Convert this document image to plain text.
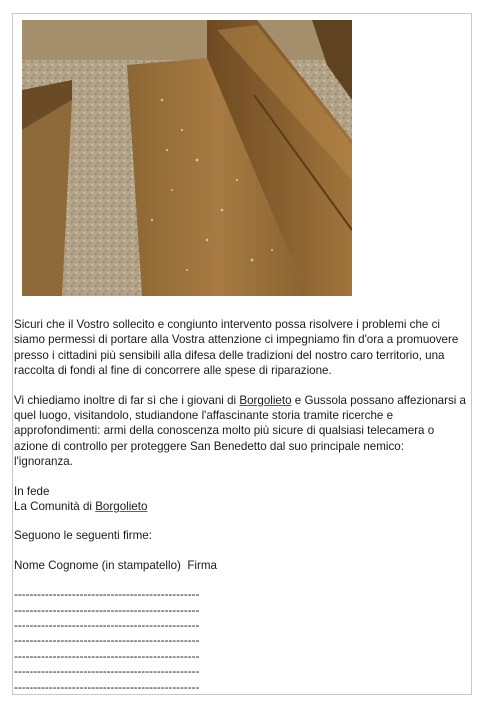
Sicuri che il Vostro sollecito e congiunto intervento possa risolvere i problemi che ci siamo permessi di portare alla Vostra attenzione ci impegniamo fin d'ora a promuovere presso i cittadini più sensibili alla difesa delle tradizioni del nostro caro territorio, una raccolta di fondi al fine di concorrere alle spese di riparazione.

Vi chiediamo inoltre di far sì che i giovani di Borgolieto e Gussola possano affezionarsi a quel luogo, visitandolo, studiandone l'affascinante storia tramite ricerche e approfondimenti: armi della conoscenza molto più sicure di qualsiasi telecamera o azione di controllo per proteggere San Benedetto dal suo principale nemico: l'ignoranza.

In fede
La Comunità di Borgolieto

Seguono le seguenti firme:

Nome Cognome (in stampatello)  Firma

------------------------------------------------
------------------------------------------------
------------------------------------------------
------------------------------------------------
------------------------------------------------
------------------------------------------------
------------------------------------------------
